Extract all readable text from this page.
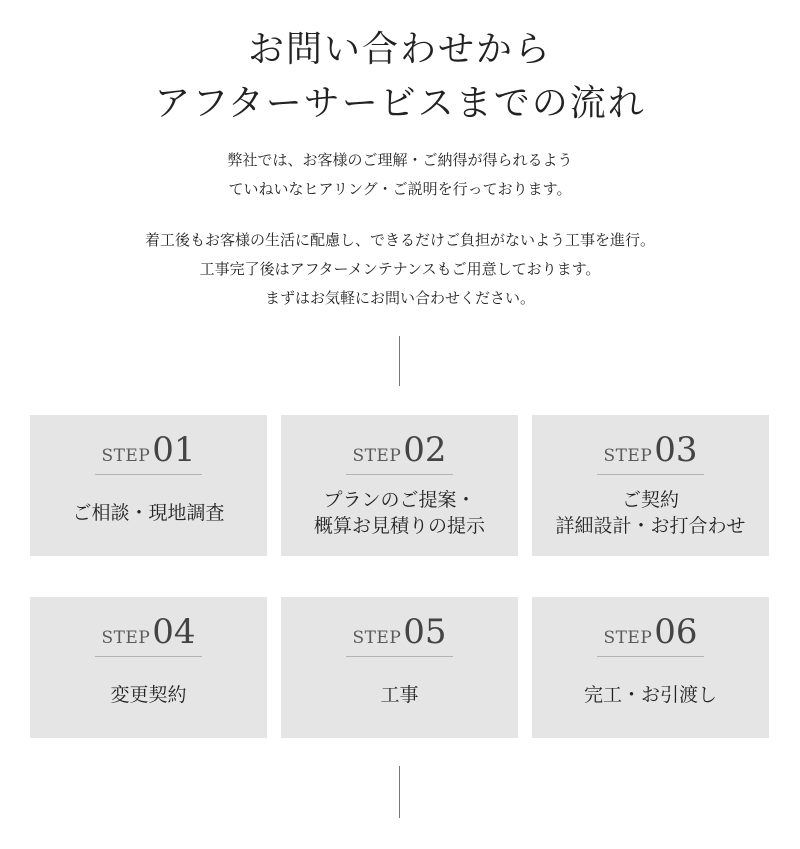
お問い合わせから
アフターサービスまでの流れ

弊社では、お客様のご理解・ご納得が得られるよう
ていねいなヒアリング・ご説明を行っております。

着工後もお客様の生活に配慮し、できるだけご負担がないよう工事を進行。
工事完了後はアフターメンテナンスもご用意しております。
まずはお気軽にお問い合わせください。

STEP 01
ご相談・現地調査
STEP 02
プランのご提案・
概算お見積りの提示
STEP 03
ご契約
詳細設計・お打合わせ
STEP 04
変更契約
STEP 05
工事
STEP 06
完工・お引渡し
